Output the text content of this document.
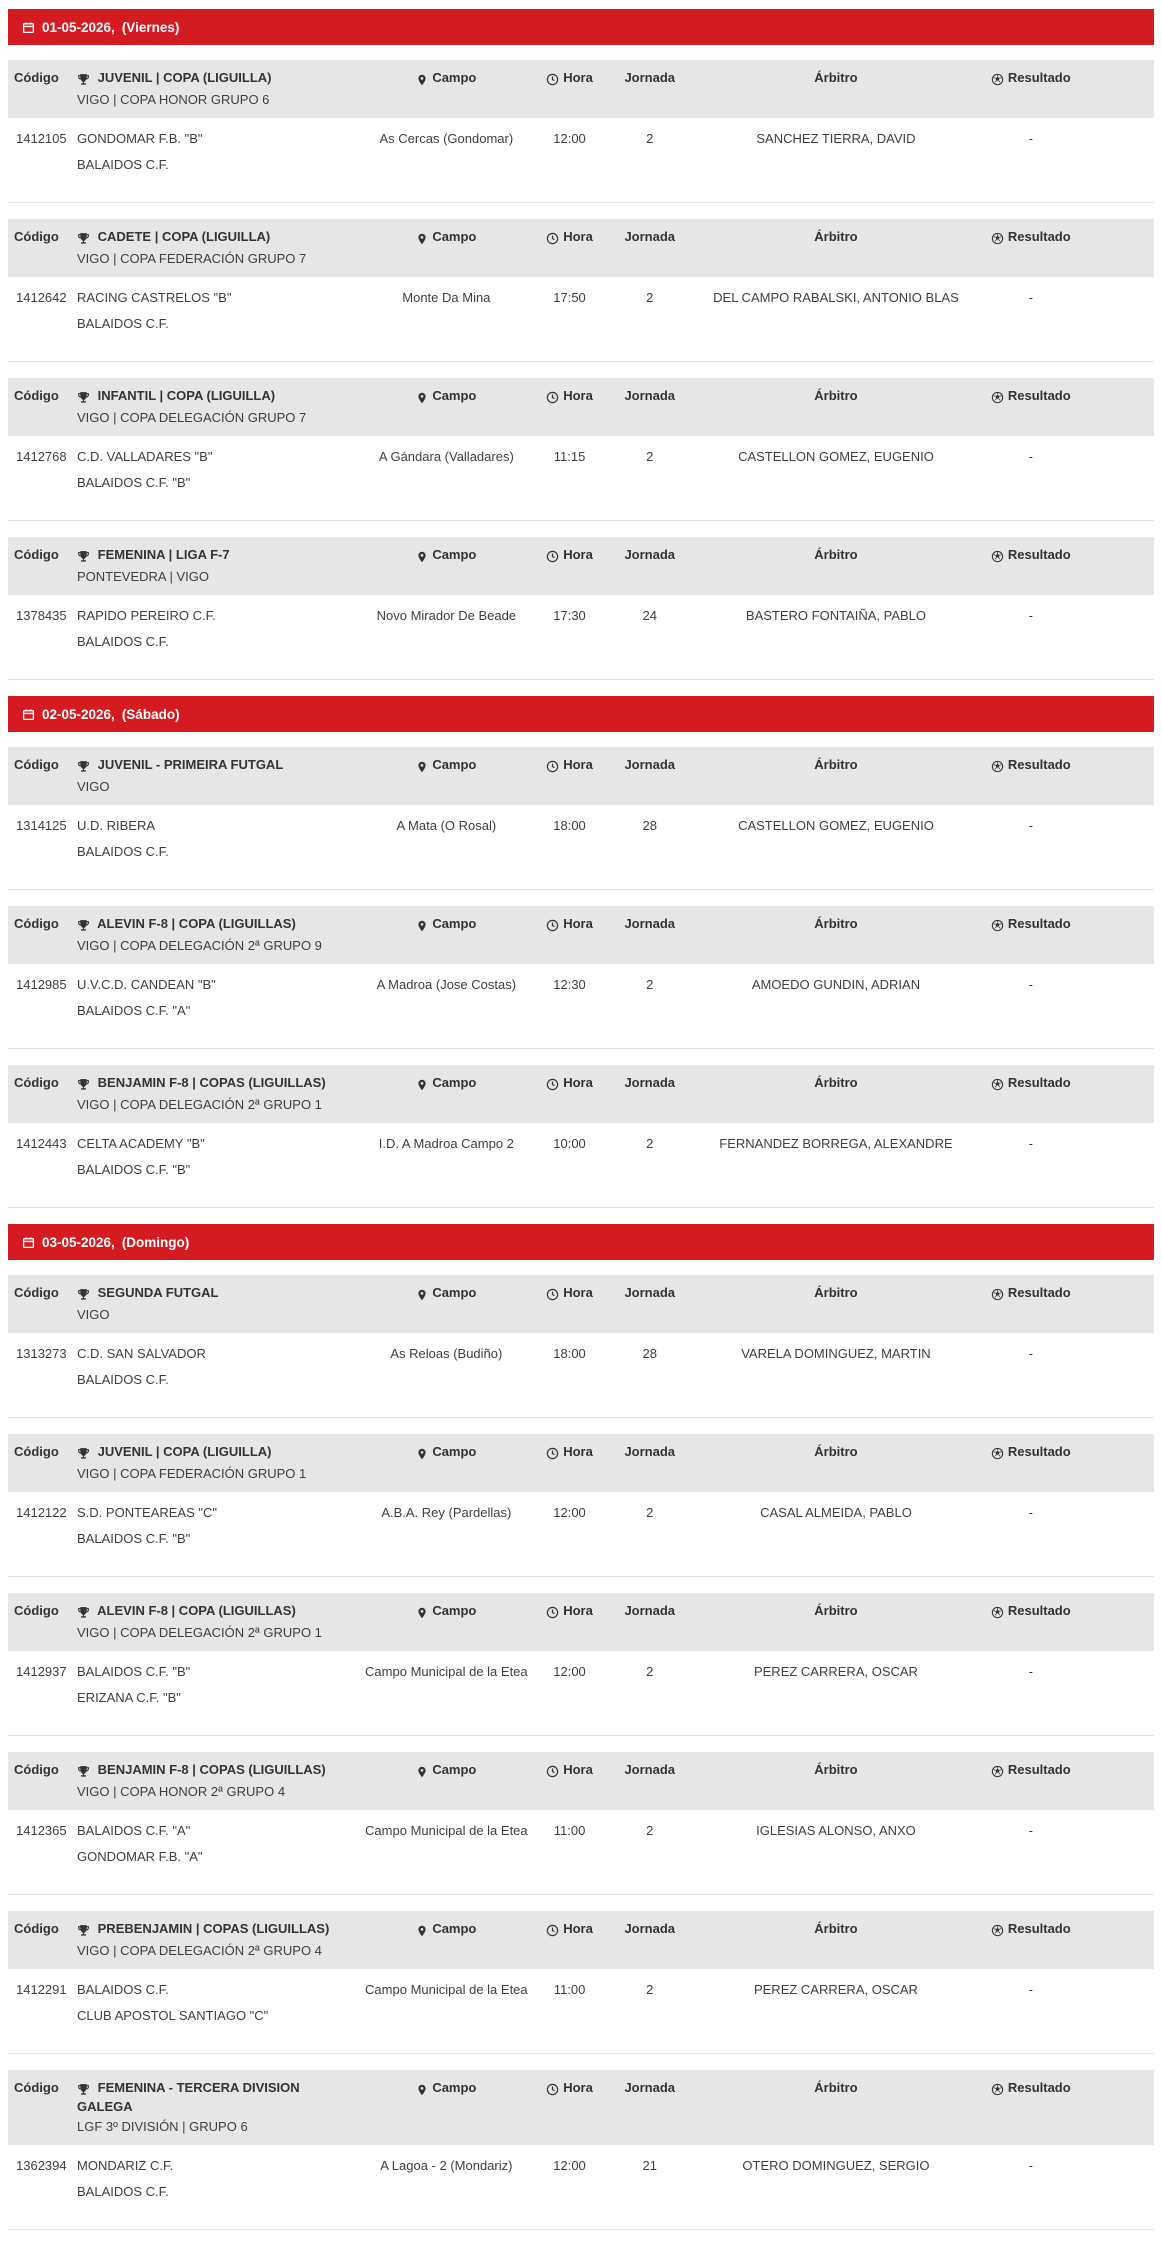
01-05-2026, (Viernes)
Código	JUVENIL | COPA (LIGUILLA)
VIGO | COPA HONOR GRUPO 6	Campo	Hora	Jornada	Árbitro	Resultado	
1412105	GONDOMAR F.B. "B"
BALAIDOS C.F.	As Cercas (Gondomar)	12:00	2	SANCHEZ TIERRA, DAVID	-	
Código	CADETE | COPA (LIGUILLA)
VIGO | COPA FEDERACIÓN GRUPO 7	Campo	Hora	Jornada	Árbitro	Resultado	
1412642	RACING CASTRELOS "B"
BALAIDOS C.F.	Monte Da Mina	17:50	2	DEL CAMPO RABALSKI, ANTONIO BLAS	-	
Código	INFANTIL | COPA (LIGUILLA)
VIGO | COPA DELEGACIÓN GRUPO 7	Campo	Hora	Jornada	Árbitro	Resultado	
1412768	C.D. VALLADARES "B"
BALAIDOS C.F. "B"	A Gándara (Valladares)	11:15	2	CASTELLON GOMEZ, EUGENIO	-	
Código	FEMENINA | LIGA F-7
PONTEVEDRA | VIGO	Campo	Hora	Jornada	Árbitro	Resultado	
1378435	RAPIDO PEREIRO C.F.
BALAIDOS C.F.	Novo Mirador De Beade	17:30	24	BASTERO FONTAIÑA, PABLO	-	
02-05-2026, (Sábado)
Código	JUVENIL - PRIMEIRA FUTGAL
VIGO	Campo	Hora	Jornada	Árbitro	Resultado	
1314125	U.D. RIBERA
BALAIDOS C.F.	A Mata (O Rosal)	18:00	28	CASTELLON GOMEZ, EUGENIO	-	
Código	ALEVIN F-8 | COPA (LIGUILLAS)
VIGO | COPA DELEGACIÓN 2ª GRUPO 9	Campo	Hora	Jornada	Árbitro	Resultado	
1412985	U.V.C.D. CANDEAN "B"
BALAIDOS C.F. "A"	A Madroa (Jose Costas)	12:30	2	AMOEDO GUNDIN, ADRIAN	-	
Código	BENJAMIN F-8 | COPAS (LIGUILLAS)
VIGO | COPA DELEGACIÓN 2ª GRUPO 1	Campo	Hora	Jornada	Árbitro	Resultado	
1412443	CELTA ACADEMY "B"
BALAIDOS C.F. "B"	I.D. A Madroa Campo 2	10:00	2	FERNANDEZ BORREGA, ALEXANDRE	-	
03-05-2026, (Domingo)
Código	SEGUNDA FUTGAL
VIGO	Campo	Hora	Jornada	Árbitro	Resultado	
1313273	C.D. SAN SALVADOR
BALAIDOS C.F.	As Reloas (Budiño)	18:00	28	VARELA DOMINGUEZ, MARTIN	-	
Código	JUVENIL | COPA (LIGUILLA)
VIGO | COPA FEDERACIÓN GRUPO 1	Campo	Hora	Jornada	Árbitro	Resultado	
1412122	S.D. PONTEAREAS "C"
BALAIDOS C.F. "B"	A.B.A. Rey (Pardellas)	12:00	2	CASAL ALMEIDA, PABLO	-	
Código	ALEVIN F-8 | COPA (LIGUILLAS)
VIGO | COPA DELEGACIÓN 2ª GRUPO 1	Campo	Hora	Jornada	Árbitro	Resultado	
1412937	BALAIDOS C.F. "B"
ERIZANA C.F. "B"	Campo Municipal de la Etea	12:00	2	PEREZ CARRERA, OSCAR	-	
Código	BENJAMIN F-8 | COPAS (LIGUILLAS)
VIGO | COPA HONOR 2ª GRUPO 4	Campo	Hora	Jornada	Árbitro	Resultado	
1412365	BALAIDOS C.F. "A"
GONDOMAR F.B. "A"	Campo Municipal de la Etea	11:00	2	IGLESIAS ALONSO, ANXO	-	
Código	PREBENJAMIN | COPAS (LIGUILLAS)
VIGO | COPA DELEGACIÓN 2ª GRUPO 4	Campo	Hora	Jornada	Árbitro	Resultado	
1412291	BALAIDOS C.F.
CLUB APOSTOL SANTIAGO "C"	Campo Municipal de la Etea	11:00	2	PEREZ CARRERA, OSCAR	-	
Código	FEMENINA - TERCERA DIVISION GALEGA
LGF 3º DIVISIÓN | GRUPO 6	Campo	Hora	Jornada	Árbitro	Resultado	
1362394	MONDARIZ C.F.
BALAIDOS C.F.	A Lagoa - 2 (Mondariz)	12:00	21	OTERO DOMINGUEZ, SERGIO	-	
